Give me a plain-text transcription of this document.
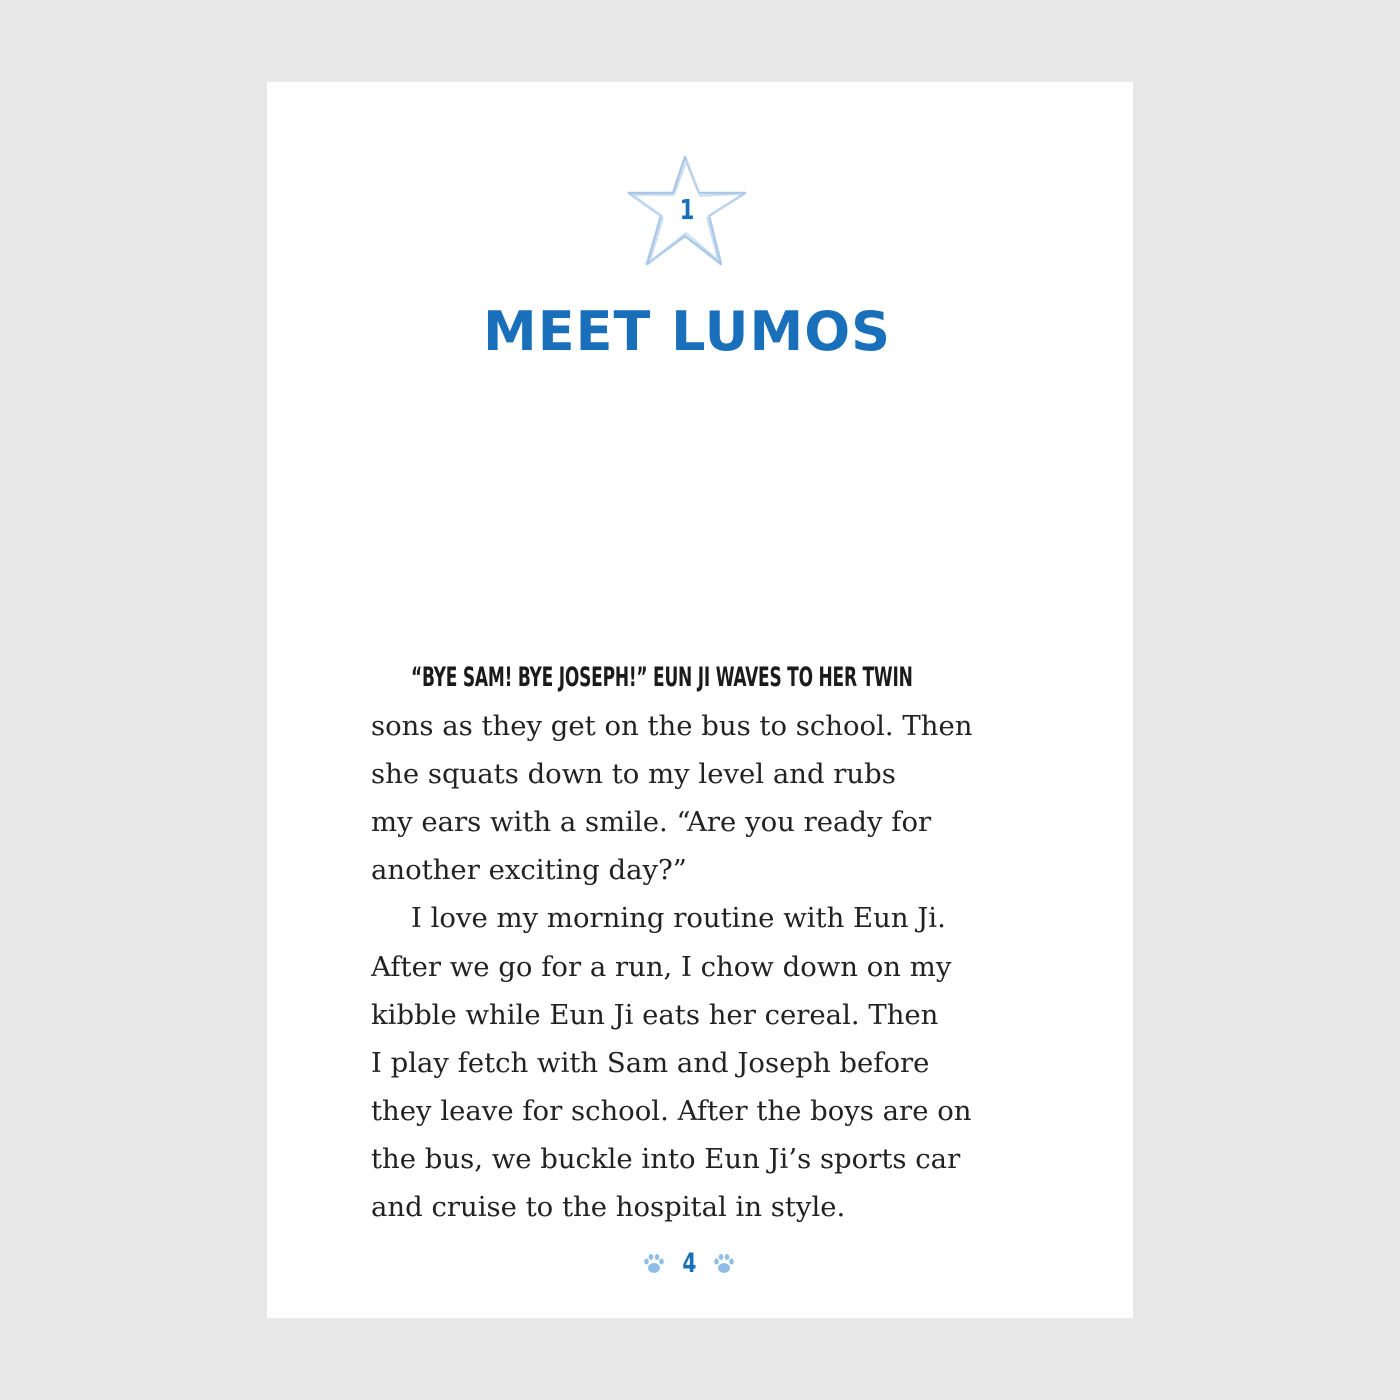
1
MEET LUMOS
“BYE SAM! BYE JOSEPH!” EUN JI WAVES TO HER TWIN
sons as they get on the bus to school. Then
she squats down to my level and rubs
my ears with a smile. “Are you ready for
another exciting day?”
I love my morning routine with Eun Ji.
After we go for a run, I chow down on my
kibble while Eun Ji eats her cereal. Then
I play fetch with Sam and Joseph before
they leave for school. After the boys are on
the bus, we buckle into Eun Ji’s sports car
and cruise to the hospital in style.
4
